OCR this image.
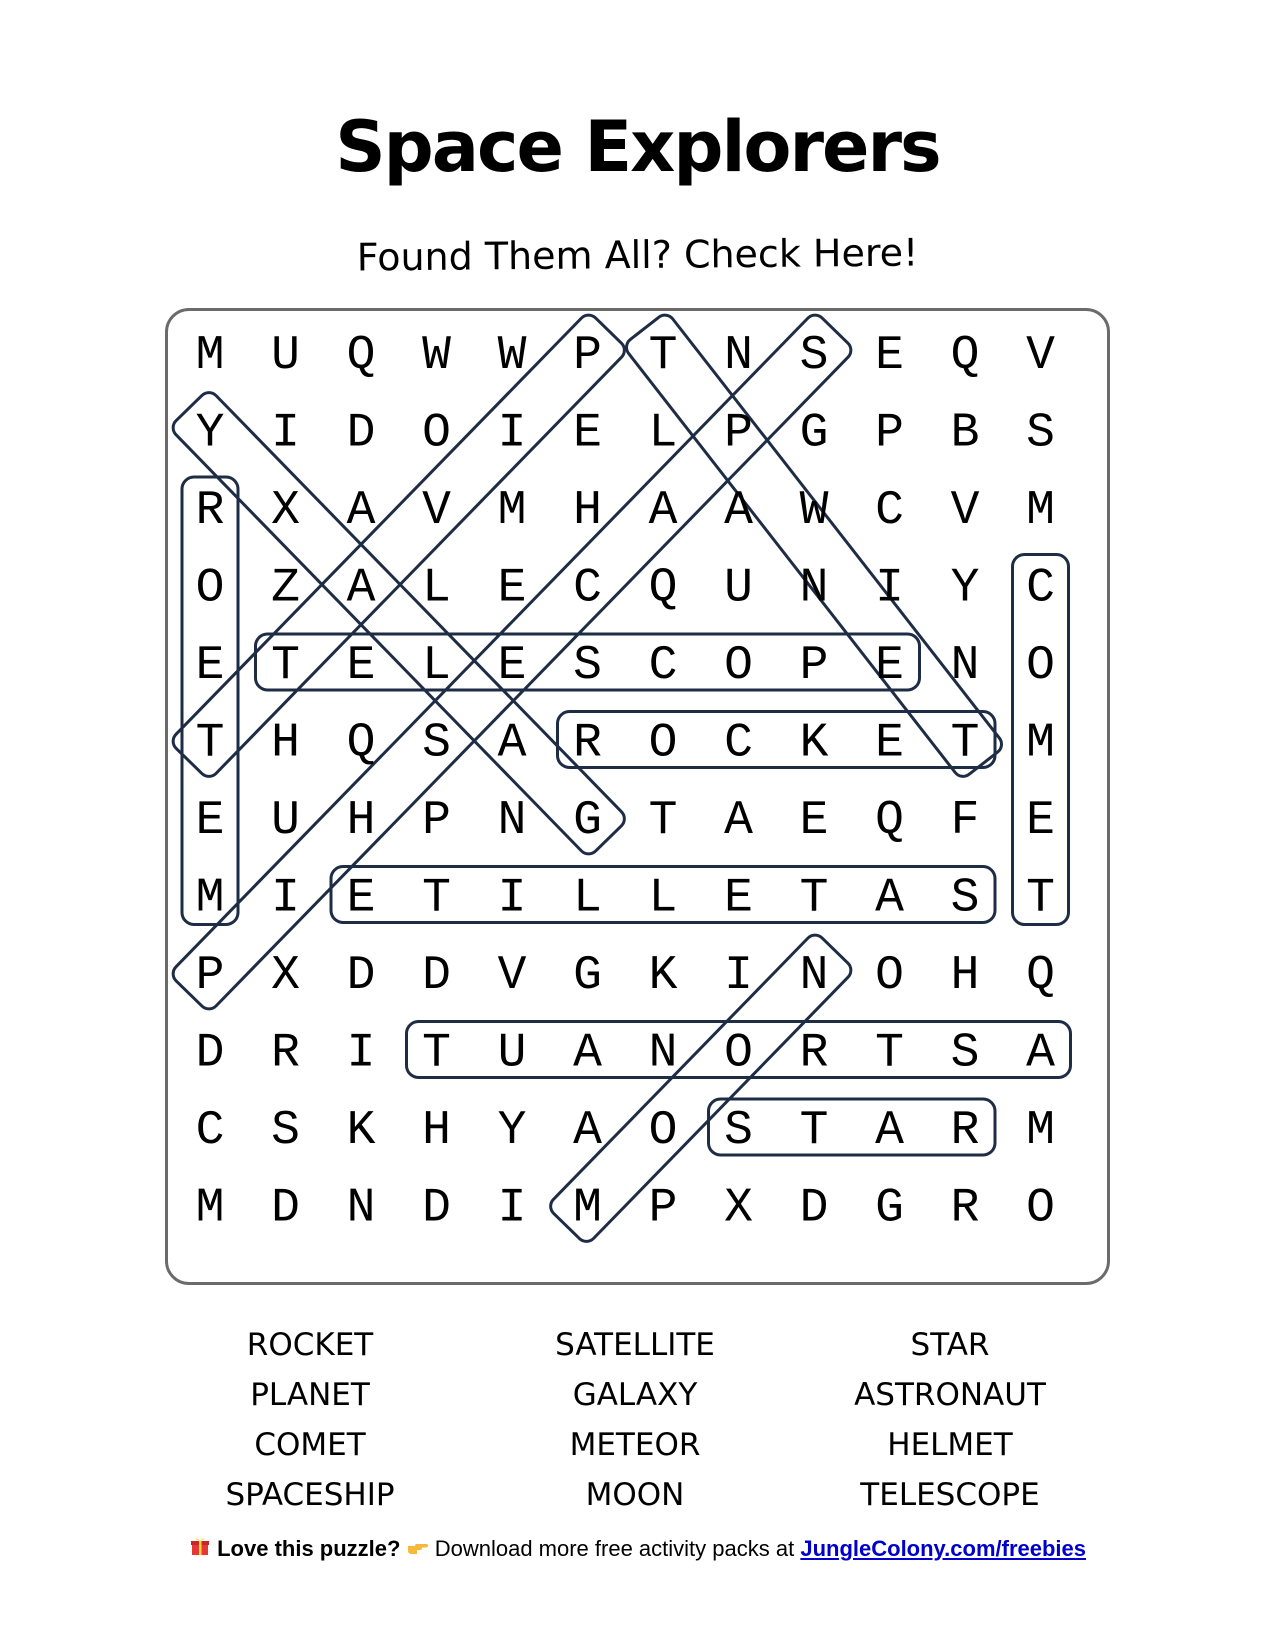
Space Explorers
Found Them All? Check Here!
M U Q W W P T N S E Q V
Y I D O I E L P G P B S
R X A V M H A A W C V M
O Z A L E C Q U N I Y C
E T E L E S C O P E N O
T H Q S A R O C K E T M
E U H P N G T A E Q F E
M I E T I L L E T A S T
P X D D V G K I N O H Q
D R I T U A N O R T S A
C S K H Y A O S T A R M
M D N D I M P X D G R O
ROCKET
PLANET
COMET
SPACESHIP
SATELLITE
GALAXY
METEOR
MOON
STAR
ASTRONAUT
HELMET
TELESCOPE
Love this puzzle? Download more free activity packs at JungleColony.com/freebies
